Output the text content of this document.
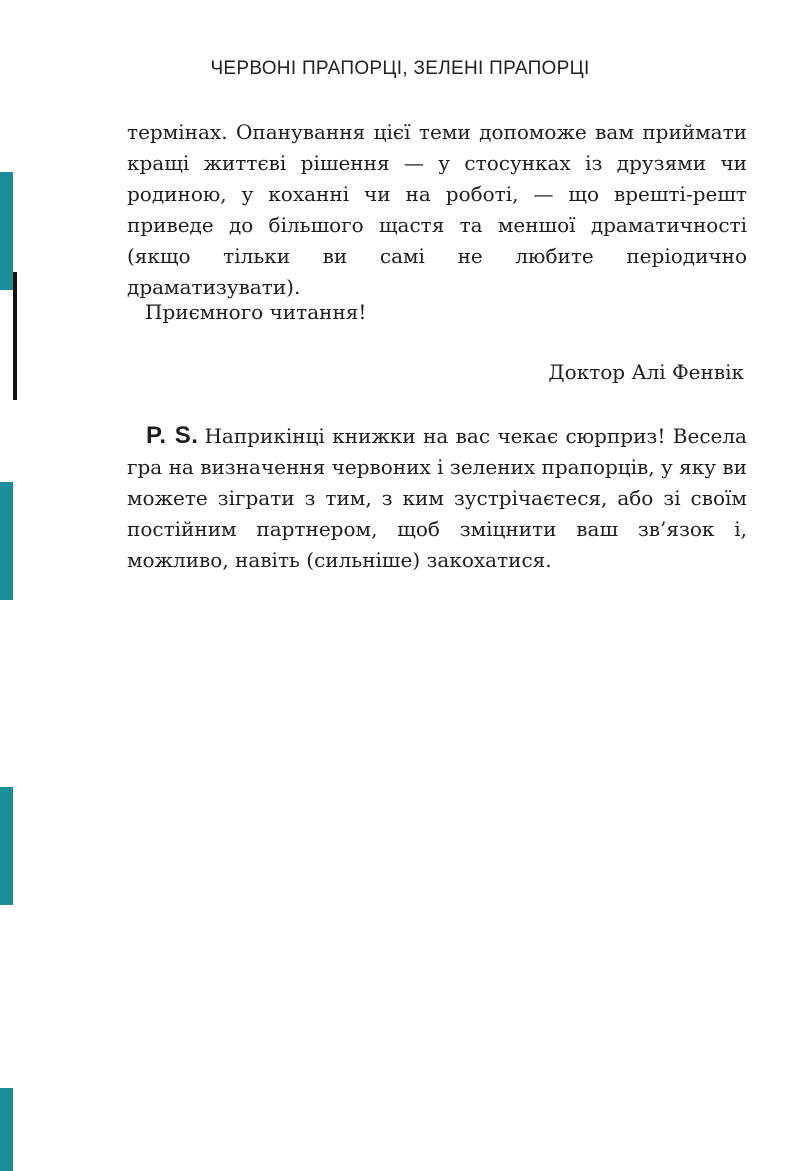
ЧЕРВОНІ ПРАПОРЦІ, ЗЕЛЕНІ ПРАПОРЦІ

термінах. Опанування цієї теми допоможе вам приймати кращі життєві рішення — у стосунках із друзями чи родиною, у коханні чи на роботі, — що врешті-решт приведе до більшого щастя та меншої драматичності (якщо тільки ви самі не любите періодично драматизувати).

Приємного читання!

Доктор Алі Фенвік

P. S. Наприкінці книжки на вас чекає сюрприз! Весела гра на визначення червоних і зелених прапорців, у яку ви можете зіграти з тим, з ким зустрічаєтеся, або зі своїм постійним партнером, щоб зміцнити ваш зв’язок і, можливо, навіть (сильніше) закохатися.
